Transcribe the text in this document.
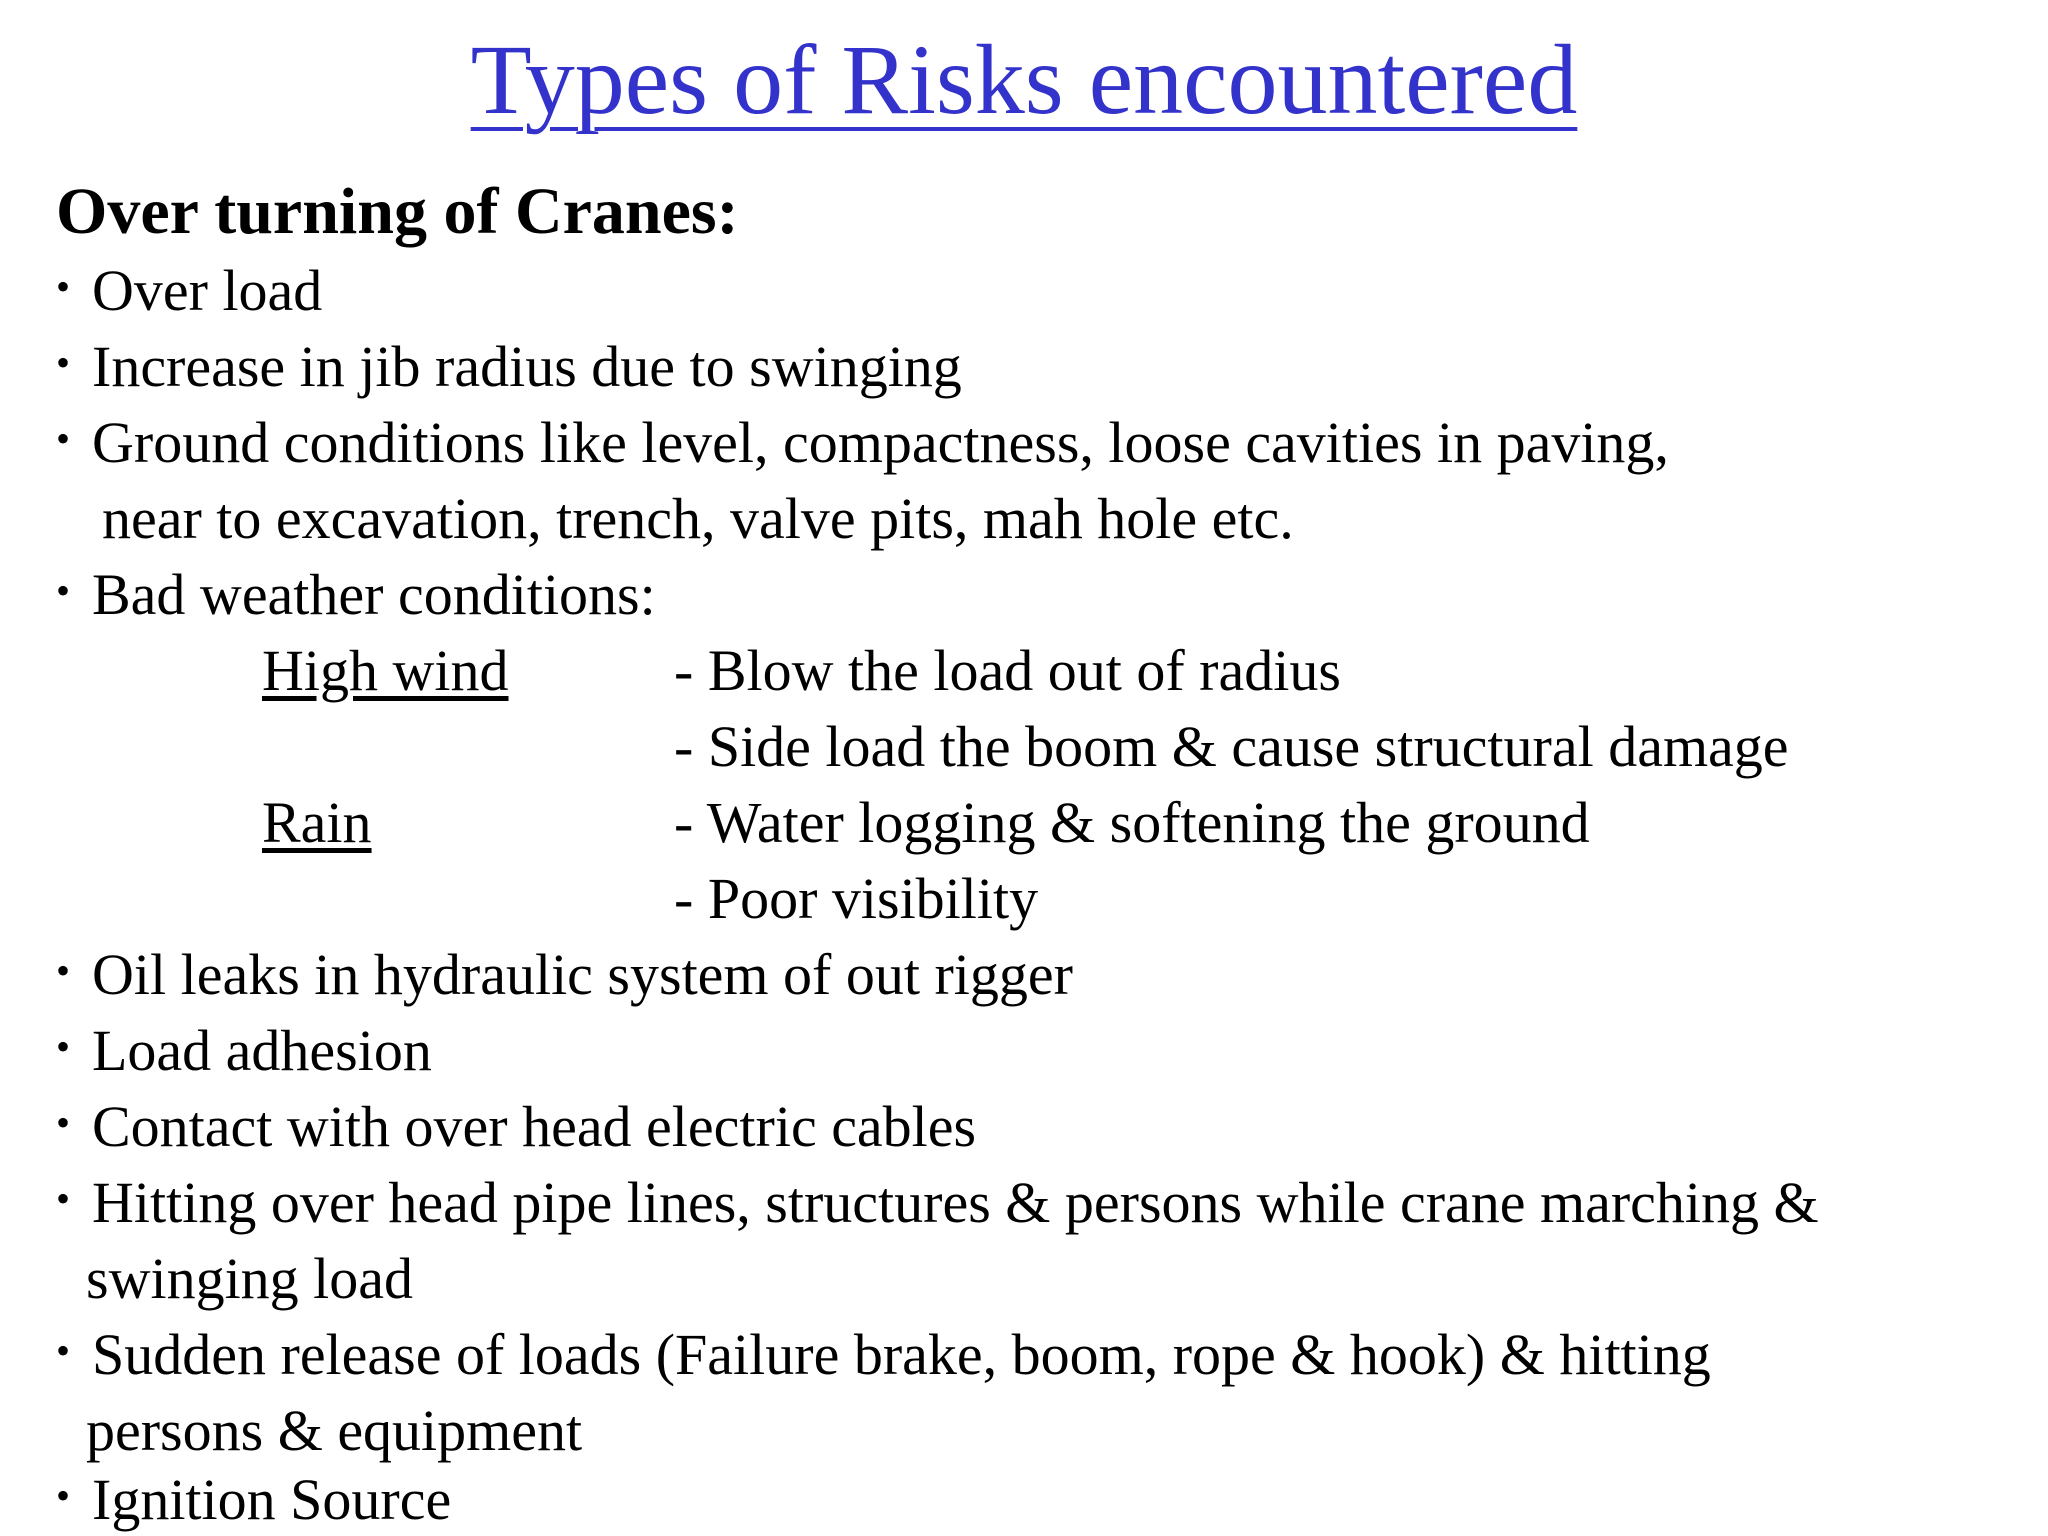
Types of Risks encountered
Over turning of Cranes:
• Over load
• Increase in jib radius due to swinging
• Ground conditions like level, compactness, loose cavities in paving,
near to excavation, trench, valve pits, mah hole etc.
• Bad weather conditions:
High wind	- Blow the load out of radius
- Side load the boom & cause structural damage
Rain	- Water logging & softening the ground
- Poor visibility
• Oil leaks in hydraulic system of out rigger
• Load adhesion
• Contact with over head electric cables
• Hitting over head pipe lines, structures & persons while crane marching &
swinging load
• Sudden release of loads (Failure brake, boom, rope & hook) & hitting
persons & equipment
• Ignition Source
